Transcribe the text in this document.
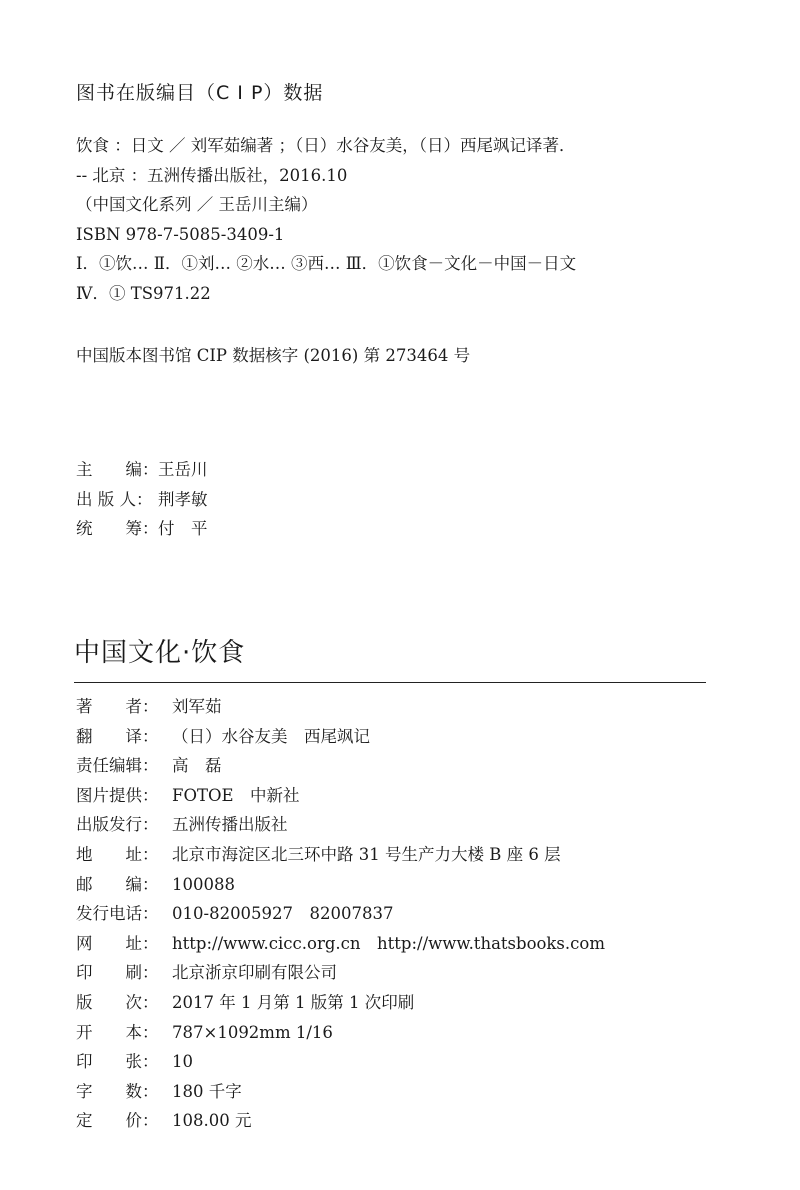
图书在版编目（C I P）数据
饮食 ：日文 ／ 刘军茹编著 ；（日）水谷友美，（日）西尾飒记译著．
-- 北京 ：五洲传播出版社，2016.10
（中国文化系列 ／ 王岳川主编）
ISBN 978-7-5085-3409-1
Ⅰ．①饮… Ⅱ．①刘… ②水… ③西… Ⅲ．①饮食－文化－中国－日文
Ⅳ．① TS971.22
中国版本图书馆 CIP 数据核字 (2016) 第 273464 号
主　　编： 王岳川
出 版 人： 荆孝敏
统　　筹： 付　平
中国文化·饮食
著　　者： 刘军茹
翻　　译： （日）水谷友美　西尾飒记
责任编辑： 高　磊
图片提供： FOTOE　中新社
出版发行： 五洲传播出版社
地　　址： 北京市海淀区北三环中路 31 号生产力大楼 B 座 6 层
邮　　编： 100088
发行电话： 010-82005927　82007837
网　　址： http://www.cicc.org.cn　http://www.thatsbooks.com
印　　刷： 北京浙京印刷有限公司
版　　次： 2017 年 1 月第 1 版第 1 次印刷
开　　本： 787×1092mm 1/16
印　　张： 10
字　　数： 180 千字
定　　价： 108.00 元
